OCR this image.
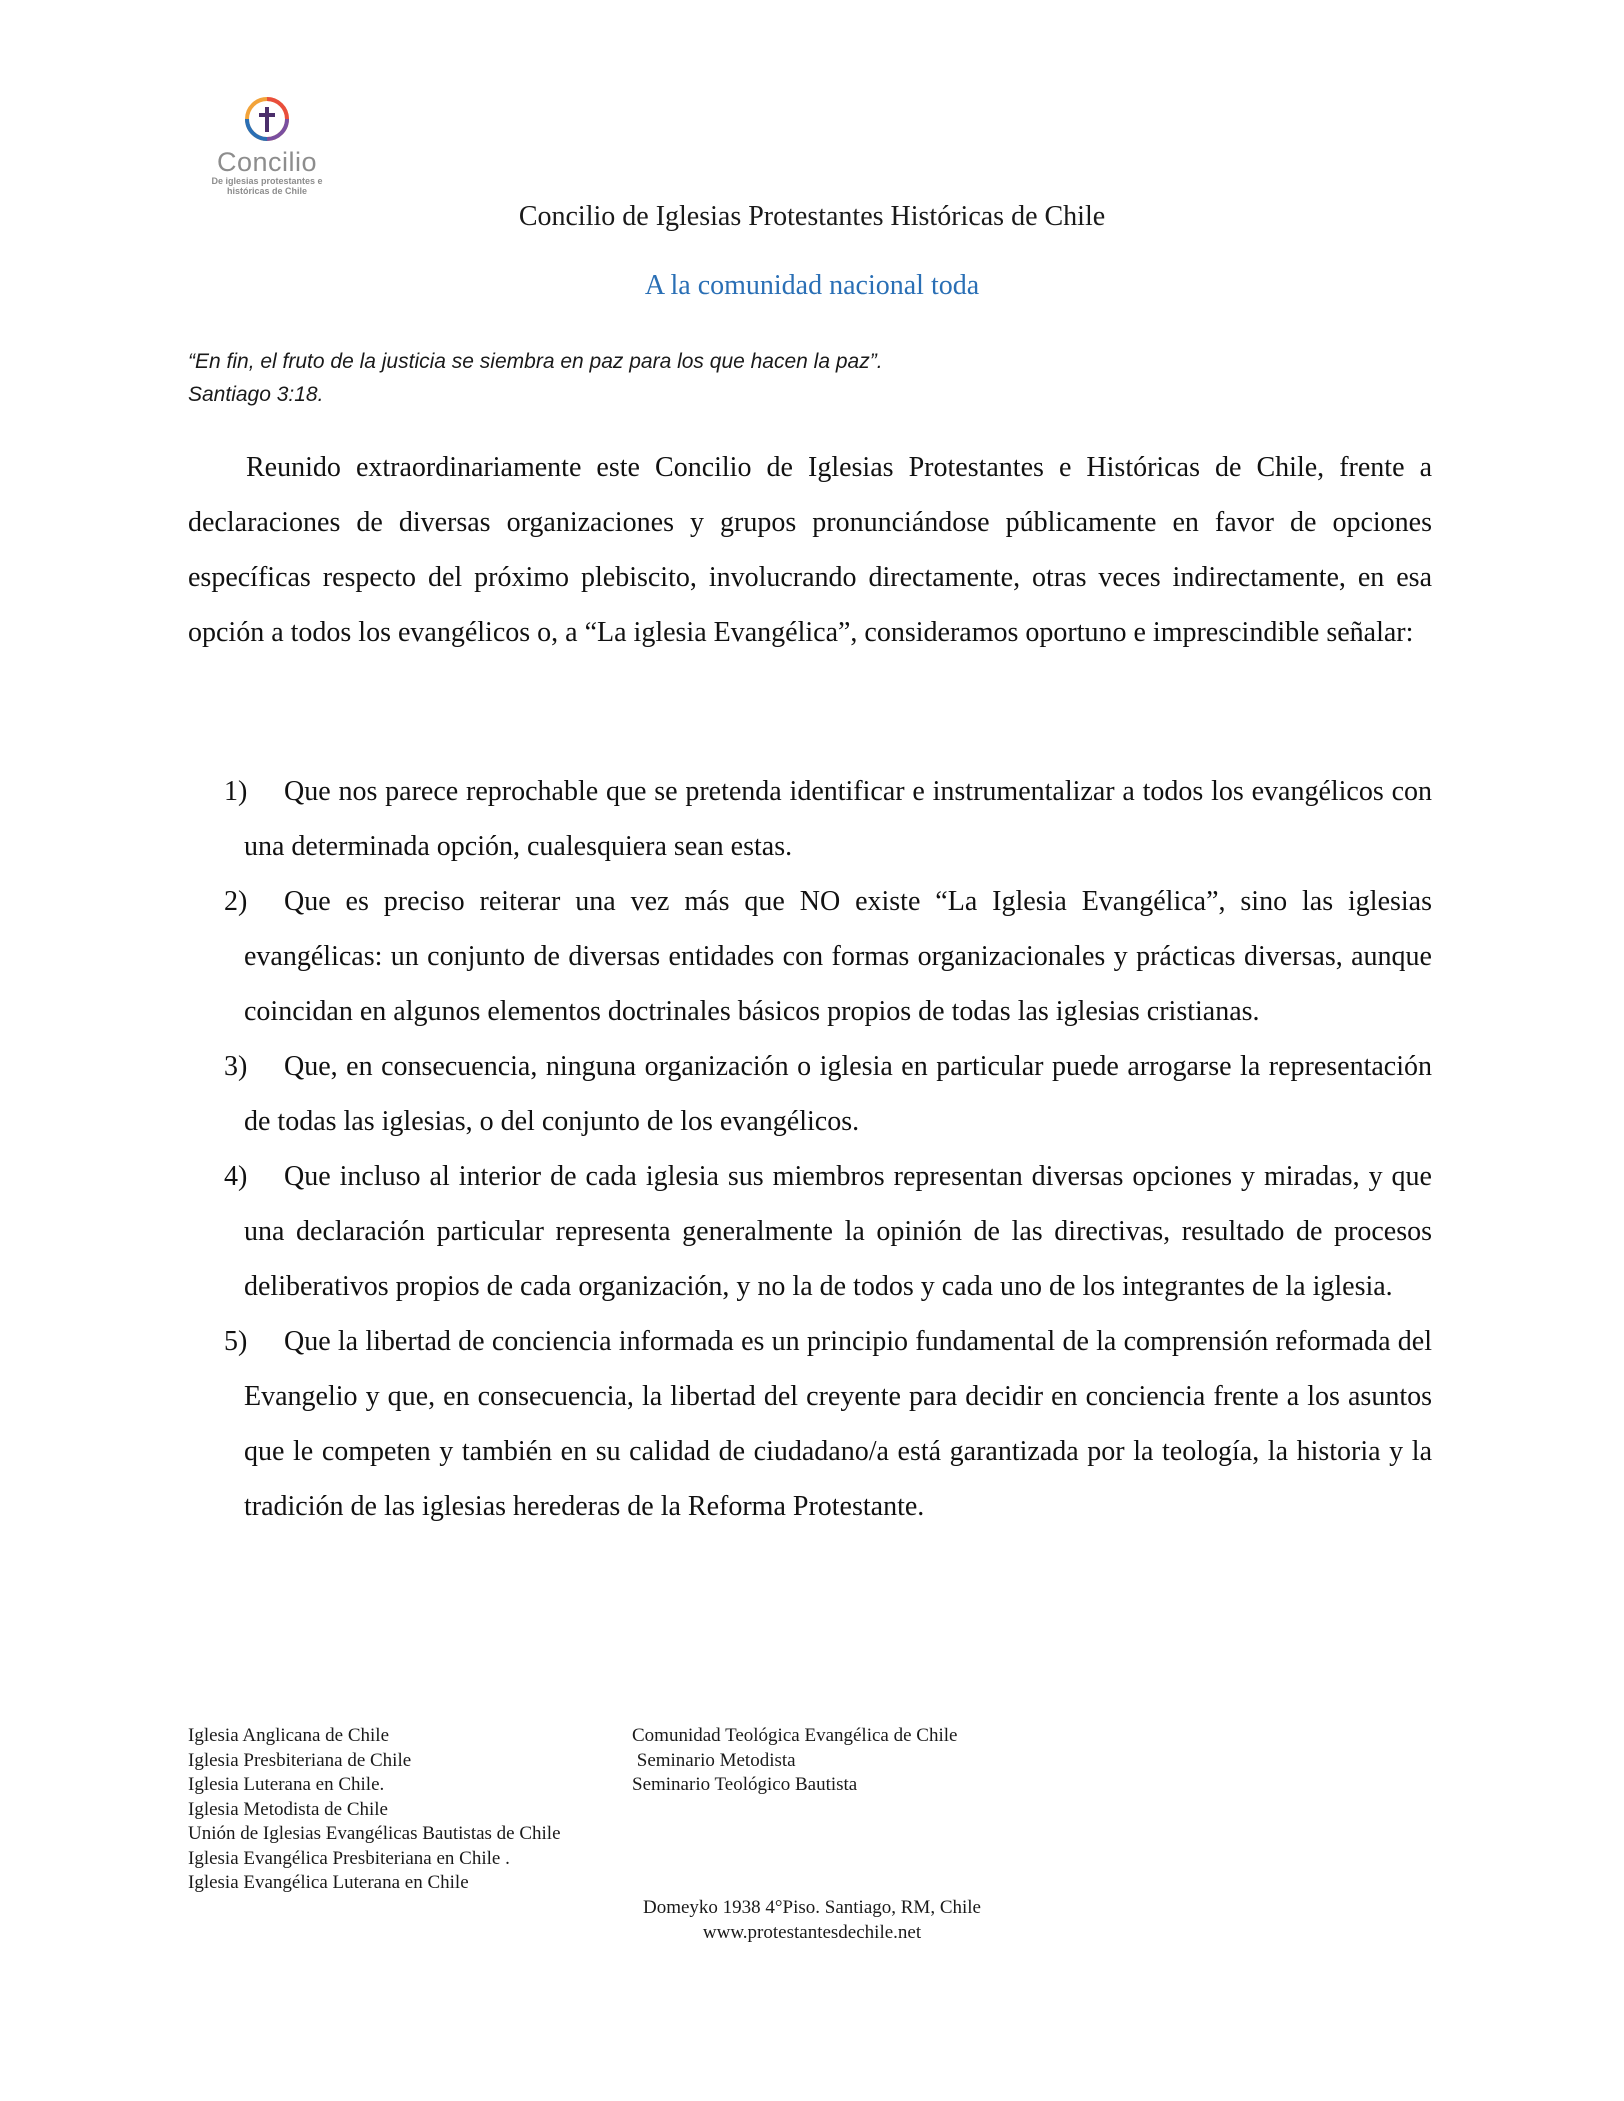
Concilio
De iglesias protestantes e
históricas de Chile
Concilio de Iglesias Protestantes Históricas de Chile
A la comunidad nacional toda
“En fin, el fruto de la justicia se siembra en paz para los que hacen la paz”.
Santiago 3:18.

Reunido extraordinariamente este Concilio de Iglesias Protestantes e Históricas de Chile, frente a declaraciones de diversas organizaciones y grupos pronunciándose públicamente en favor de opciones específicas respecto del próximo plebiscito, involucrando directamente, otras veces indirectamente, en esa opción a todos los evangélicos o, a “La iglesia Evangélica”, consideramos oportuno e imprescindible señalar:

1)	Que nos parece reprochable que se pretenda identificar e instrumentalizar a todos los evangélicos con una determinada opción, cualesquiera sean estas.
2)	Que es preciso reiterar una vez más que NO existe “La Iglesia Evangélica”, sino las iglesias evangélicas: un conjunto de diversas entidades con formas organizacionales y prácticas diversas, aunque coincidan en algunos elementos doctrinales básicos propios de todas las iglesias cristianas.
3)	Que, en consecuencia, ninguna organización o iglesia en particular puede arrogarse la representación de todas las iglesias, o del conjunto de los evangélicos.
4)	Que incluso al interior de cada iglesia sus miembros representan diversas opciones y miradas, y que una declaración particular representa generalmente la opinión de las directivas, resultado de procesos deliberativos propios de cada organización, y no la de todos y cada uno de los integrantes de la iglesia.
5)	Que la libertad de conciencia informada es un principio fundamental de la comprensión reformada del Evangelio y que, en consecuencia, la libertad del creyente para decidir en conciencia frente a los asuntos que le competen y también en su calidad de ciudadano/a está garantizada por la teología, la historia y la tradición de las iglesias herederas de la Reforma Protestante.
Iglesia Anglicana de Chile
Iglesia Presbiteriana de Chile
Iglesia Luterana en Chile.
Iglesia Metodista de Chile
Unión de Iglesias Evangélicas Bautistas de Chile
Iglesia Evangélica Presbiteriana en Chile .
Iglesia Evangélica Luterana en Chile
Comunidad Teológica Evangélica de Chile
Seminario Metodista
Seminario Teológico Bautista
Domeyko 1938 4°Piso. Santiago, RM, Chile
www.protestantesdechile.net
